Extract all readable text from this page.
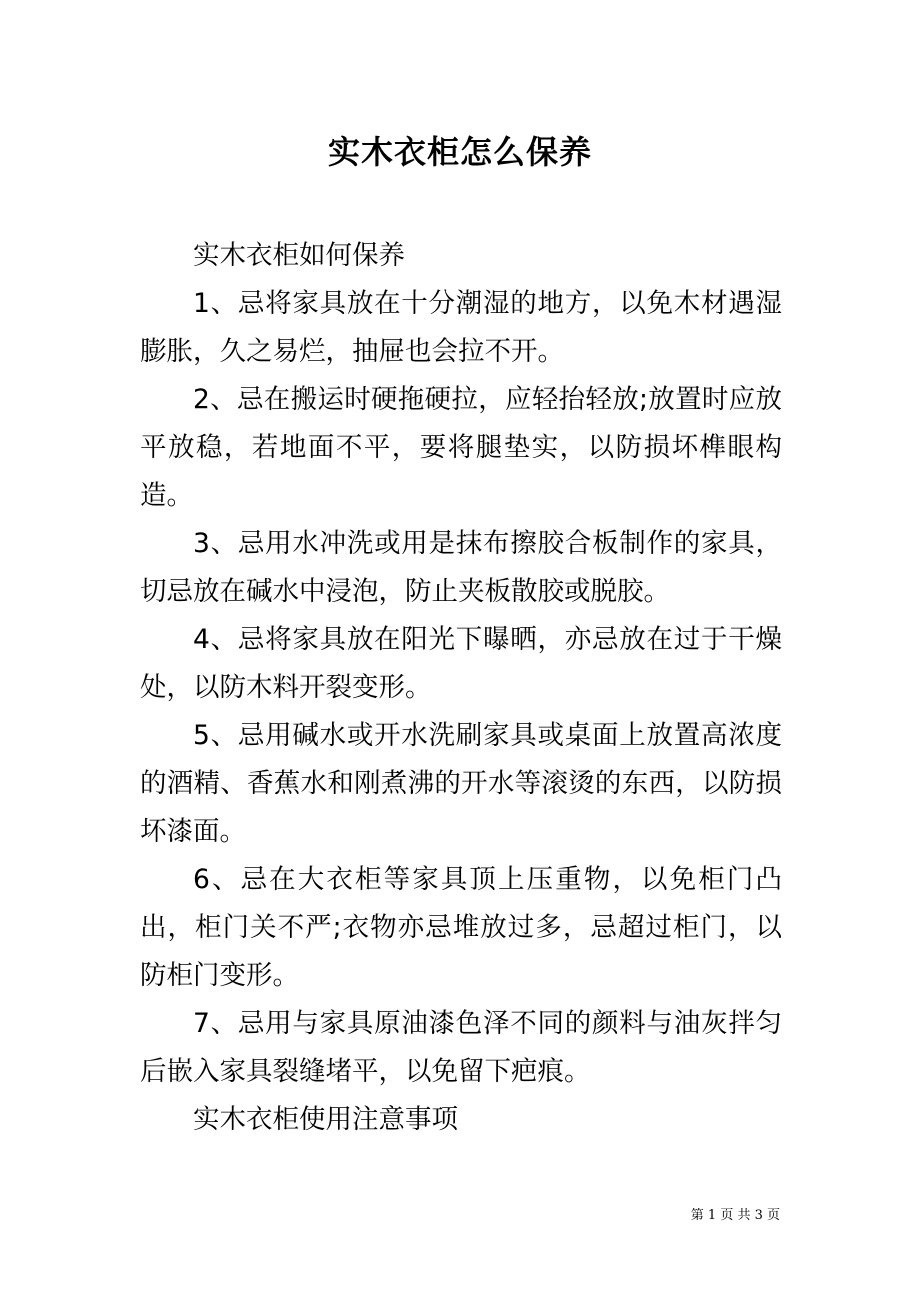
实木衣柜怎么保养

实木衣柜如何保养

1、忌将家具放在十分潮湿的地方，以免木材遇湿膨胀，久之易烂，抽屉也会拉不开。

2、忌在搬运时硬拖硬拉，应轻抬轻放;放置时应放平放稳，若地面不平，要将腿垫实，以防损坏榫眼构造。

3、忌用水冲洗或用是抹布擦胶合板制作的家具，切忌放在碱水中浸泡，防止夹板散胶或脱胶。

4、忌将家具放在阳光下曝晒，亦忌放在过于干燥处，以防木料开裂变形。

5、忌用碱水或开水洗刷家具或桌面上放置高浓度的酒精、香蕉水和刚煮沸的开水等滚烫的东西，以防损坏漆面。

6、忌在大衣柜等家具顶上压重物，以免柜门凸出，柜门关不严;衣物亦忌堆放过多，忌超过柜门，以防柜门变形。

7、忌用与家具原油漆色泽不同的颜料与油灰拌匀后嵌入家具裂缝堵平，以免留下疤痕。

实木衣柜使用注意事项

第 1 页 共 3 页
